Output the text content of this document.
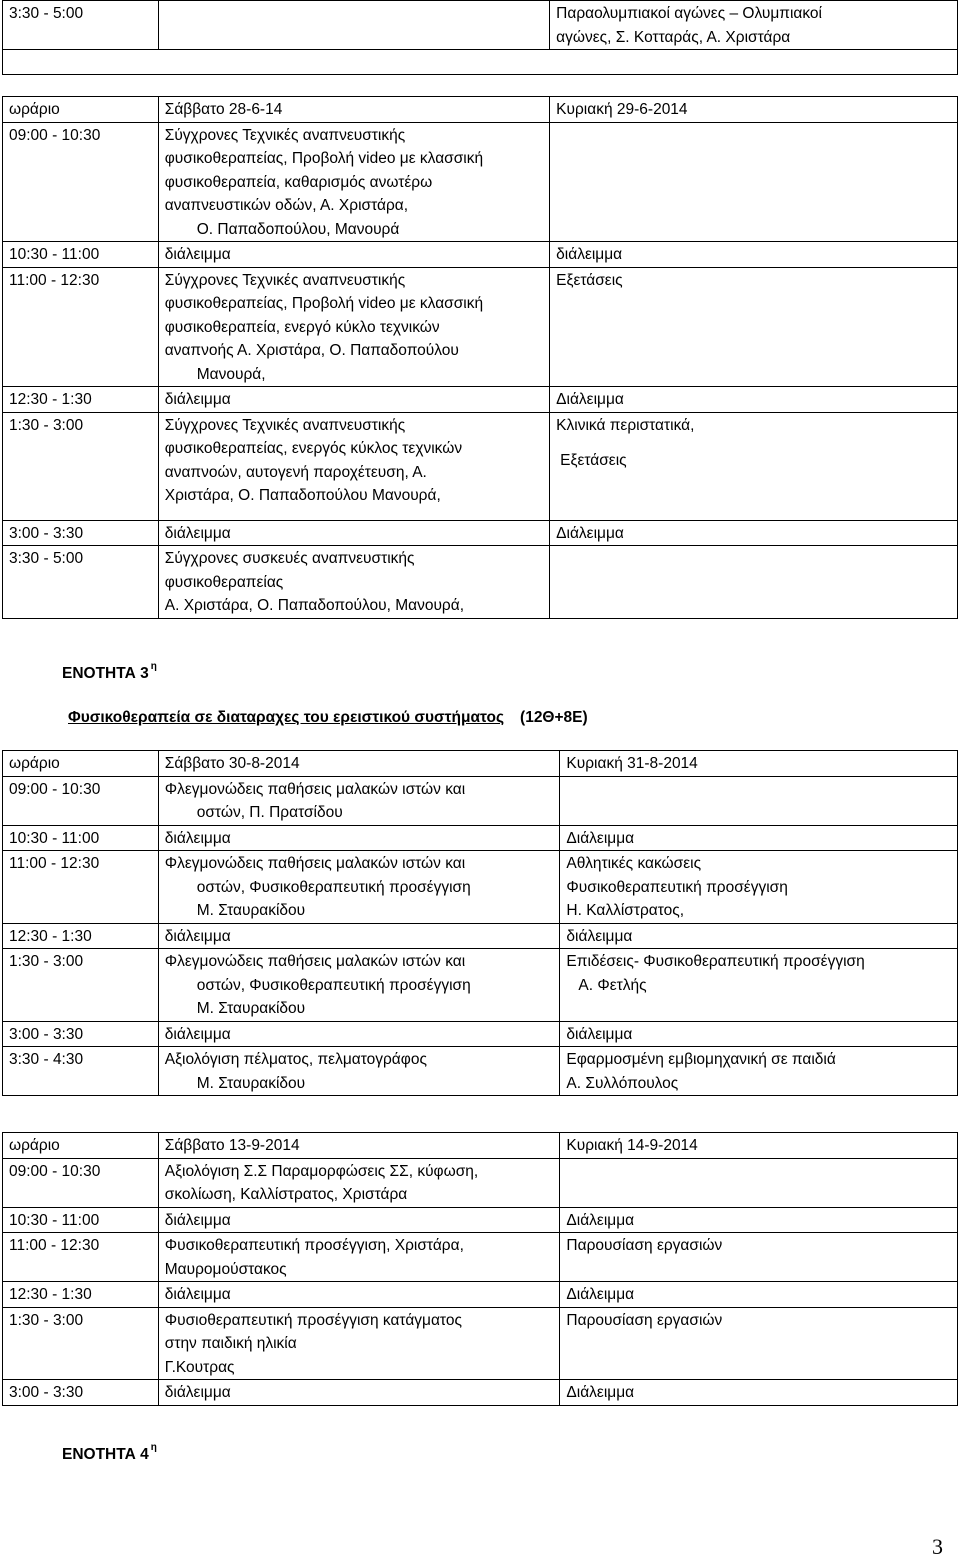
3:30 - 5:00		Παραολυμπιακοί αγώνες – Ολυμπιακοί
αγώνες, Σ. Κοτταράς, Α. Χριστάρα

ωράριο	Σάββατο 28-6-14	Κυριακή 29-6-2014
09:00 - 10:30	Σύγχρονες Τεχνικές αναπνευστικής
φυσικοθεραπείας, Προβολή video με κλασσική
φυσικοθεραπεία, καθαρισμός ανωτέρω
αναπνευστικών οδών, Α. Χριστάρα,
Ο. Παπαδοπούλου, Μανουρά	

10:30 - 11:00	διάλειμμα	διάλειμμα
11:00 - 12:30	Σύγχρονες Τεχνικές αναπνευστικής
φυσικοθεραπείας, Προβολή video με κλασσική
φυσικοθεραπεία, ενεργό κύκλο τεχνικών
αναπνοής Α. Χριστάρα, Ο. Παπαδοπούλου
Μανουρά,	Εξετάσεις
12:30 - 1:30	διάλειμμα	Διάλειμμα
1:30 - 3:00	Σύγχρονες Τεχνικές αναπνευστικής
φυσικοθεραπείας, ενεργός κύκλος τεχνικών
αναπνοών, αυτογενή παροχέτευση, Α.
Χριστάρα, Ο. Παπαδοπούλου Μανουρά,	Κλινικά περιστατικά,
Εξετάσεις

3:00 - 3:30	διάλειμμα	Διάλειμμα
3:30 - 5:00	Σύγχρονες συσκευές αναπνευστικής
φυσικοθεραπείας
Α. Χριστάρα, Ο. Παπαδοπούλου, Μανουρά,	

ΕΝΟΤΗΤΑ 3 $^\eta$
Φυσικοθεραπεία σε διαταραχες του ερειστικού συστήματος (12Θ+8Ε)
ωράριο	Σάββατο 30-8-2014	Κυριακή 31-8-2014
09:00 - 10:30	Φλεγμονώδεις παθήσεις μαλακών ιστών και
οστών, Π. Πρατσίδου	

10:30 - 11:00	διάλειμμα	Διάλειμμα
11:00 - 12:30	Φλεγμονώδεις παθήσεις μαλακών ιστών και
οστών, Φυσικοθεραπευτική προσέγγιση
Μ. Σταυρακίδου	Αθλητικές κακώσεις
Φυσικοθεραπευτική προσέγγιση
Η. Καλλίστρατος,

12:30 - 1:30	διάλειμμα	διάλειμμα
1:30 - 3:00	Φλεγμονώδεις παθήσεις μαλακών ιστών και
οστών, Φυσικοθεραπευτική προσέγγιση
Μ. Σταυρακίδου	Επιδέσεις- Φυσικοθεραπευτική προσέγγιση
Α. Φετλής

3:00 - 3:30	διάλειμμα	διάλειμμα
3:30 - 4:30	Αξιολόγιση πέλματος, πελματογράφος
Μ. Σταυρακίδου	Εφαρμοσμένη εμβιομηχανική σε παιδιά
Α. Συλλόπουλος
ωράριο	Σάββατο 13-9-2014	Κυριακή 14-9-2014
09:00 - 10:30	Αξιολόγιση Σ.Σ Παραμορφώσεις ΣΣ, κύφωση,
σκολίωση, Καλλίστρατος, Χριστάρα	

10:30 - 11:00	διάλειμμα	Διάλειμμα
11:00 - 12:30	Φυσικοθεραπευτική προσέγγιση, Χριστάρα,
Μαυρομούστακος	Παρουσίαση εργασιών
12:30 - 1:30	διάλειμμα	Διάλειμμα
1:30 - 3:00	Φυσιοθεραπευτική προσέγγιση κατάγματος
στην παιδική ηλικία
Γ.Κουτρας	Παρουσίαση εργασιών
3:00 - 3:30	διάλειμμα	Διάλειμμα
ΕΝΟΤΗΤΑ 4 $^\eta$
3
